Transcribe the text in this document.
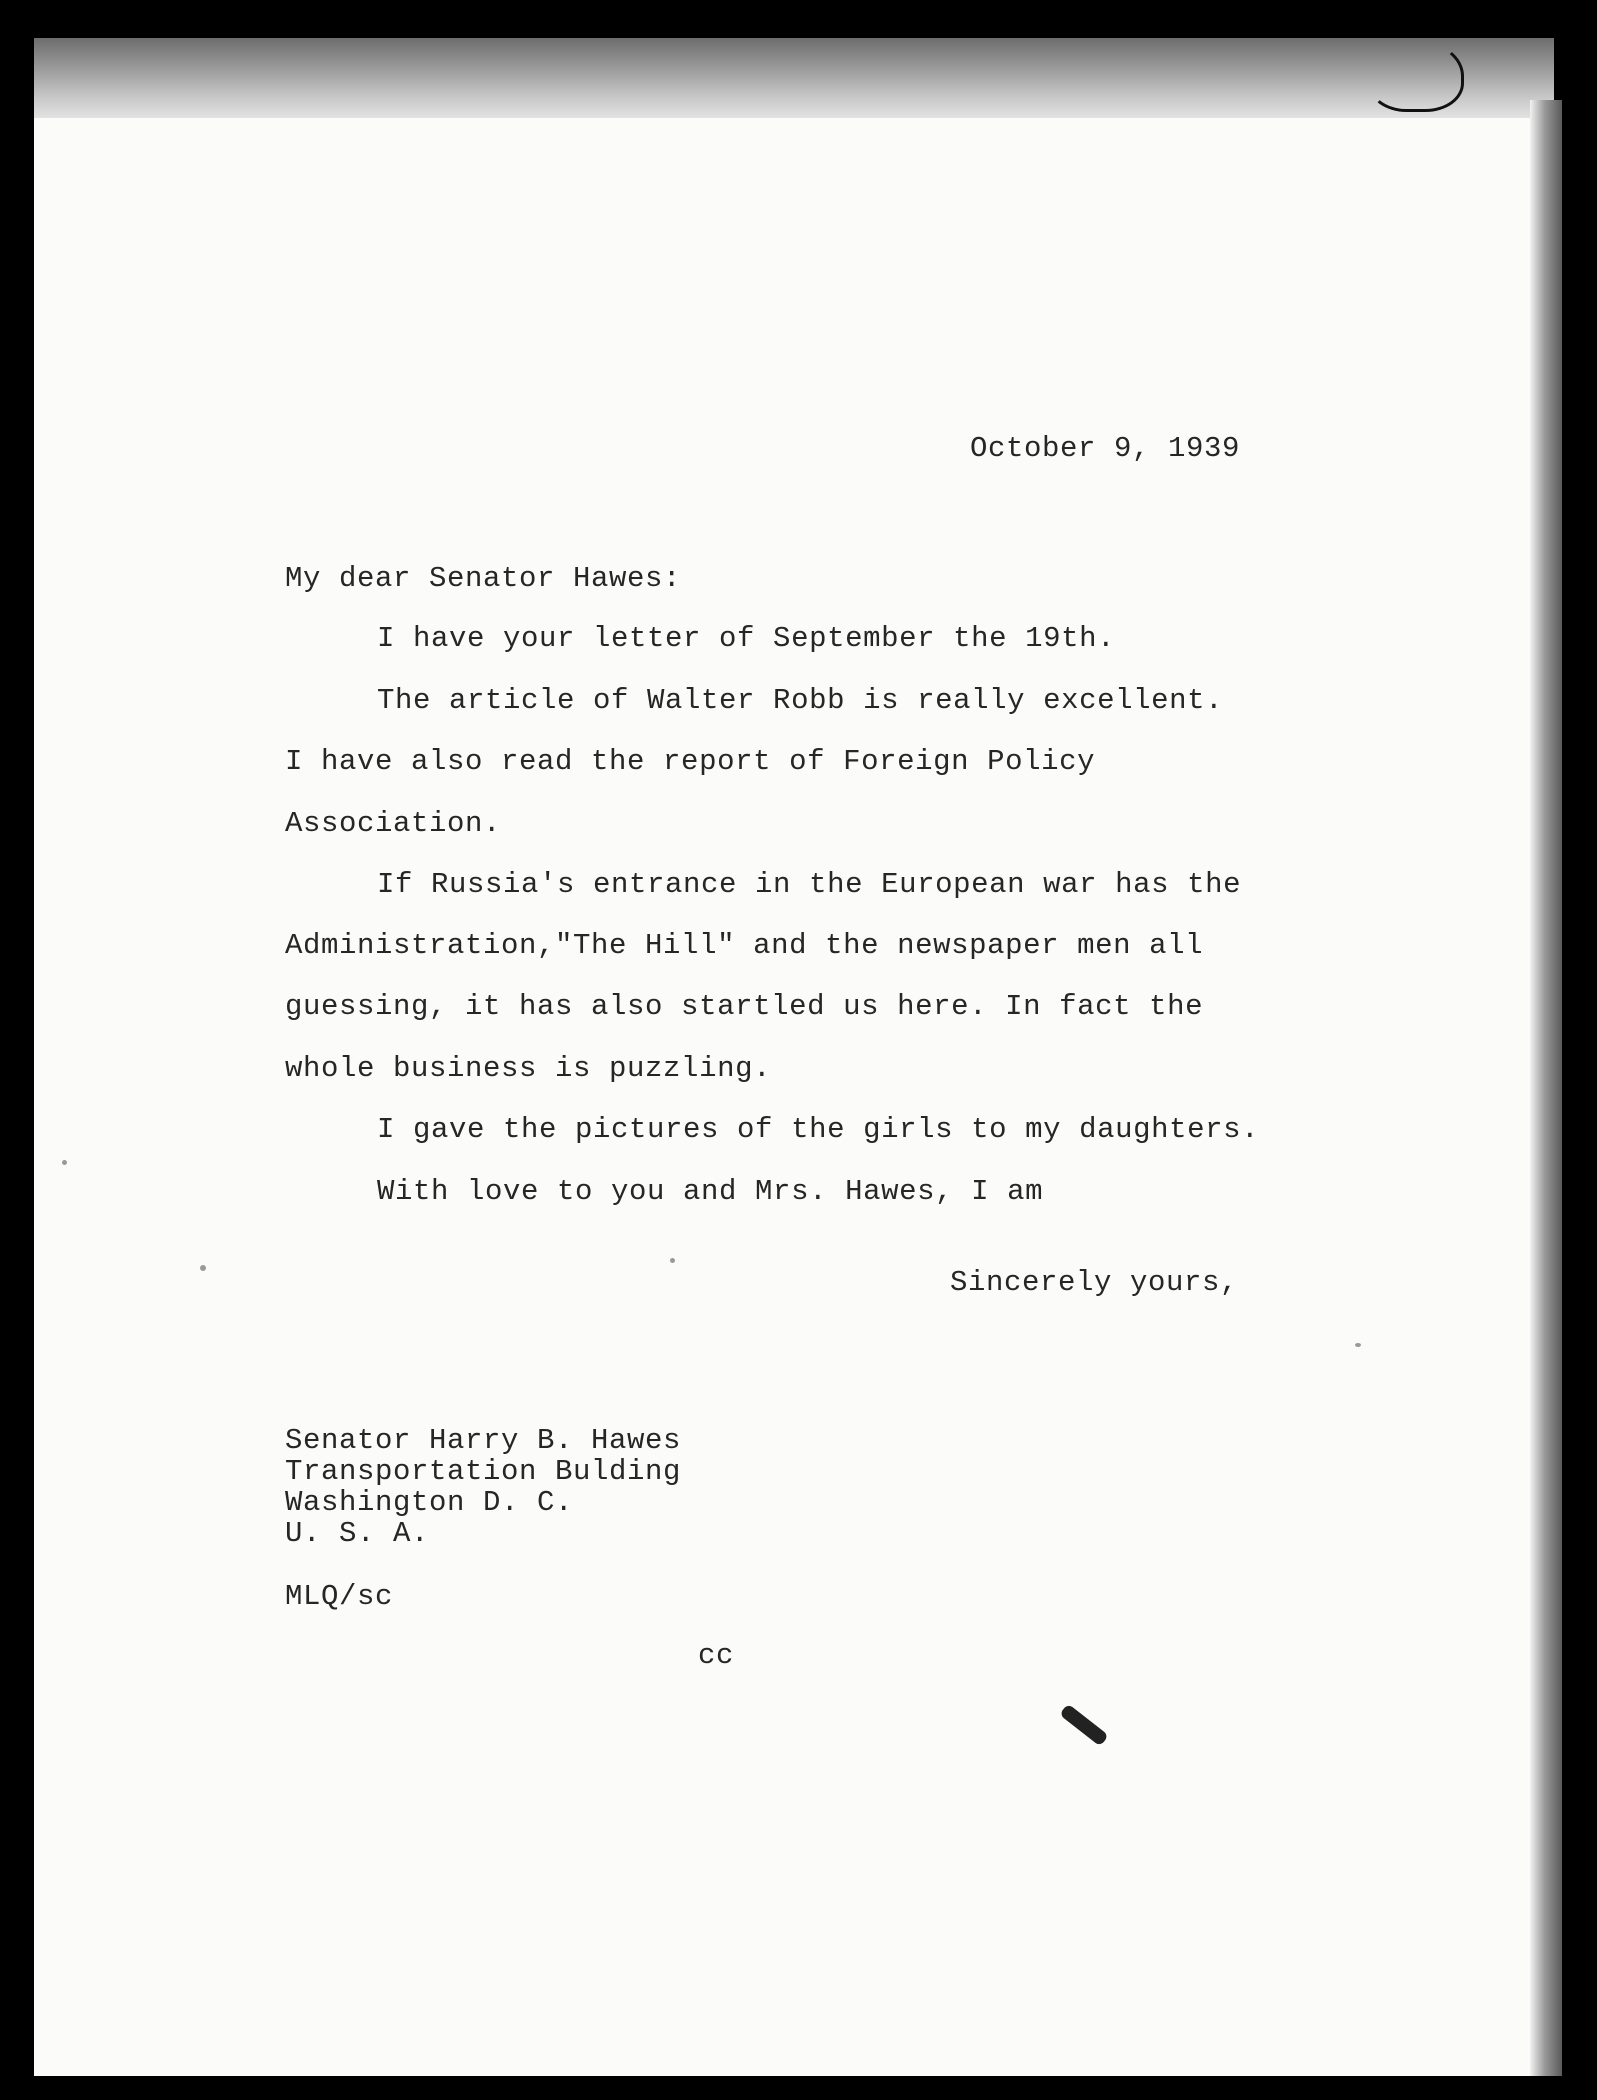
October 9, 1939

My dear Senator Hawes:

I have your letter of September the 19th.

The article of Walter Robb is really excellent.

I have also read the report of Foreign Policy

Association.

If Russia's entrance in the European war has the

Administration,"The Hill" and the newspaper men all

guessing, it has also startled us here. In fact the

whole business is puzzling.

I gave the pictures of the girls to my daughters.

With love to you and Mrs. Hawes, I am

Sincerely yours,

Senator Harry B. Hawes

Transportation Bulding

Washington D. C.

U. S. A.

MLQ/sc

cc
